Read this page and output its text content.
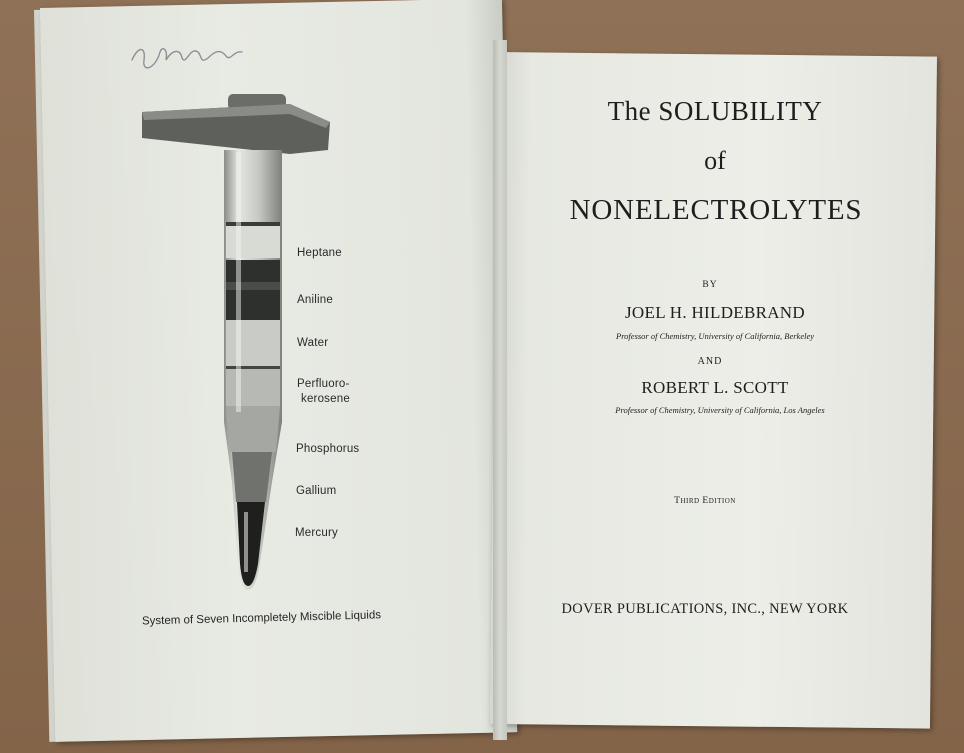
Heptane
Aniline
Water
Perfluoro-
kerosene
Phosphorus
Gallium
Mercury
System of Seven Incompletely Miscible Liquids
The SOLUBILITY
of
NONELECTROLYTES
BY
JOEL H. HILDEBRAND
Professor of Chemistry, University of California, Berkeley
AND
ROBERT L. SCOTT
Professor of Chemistry, University of California, Los Angeles
Third Edition
DOVER PUBLICATIONS, INC., NEW YORK
